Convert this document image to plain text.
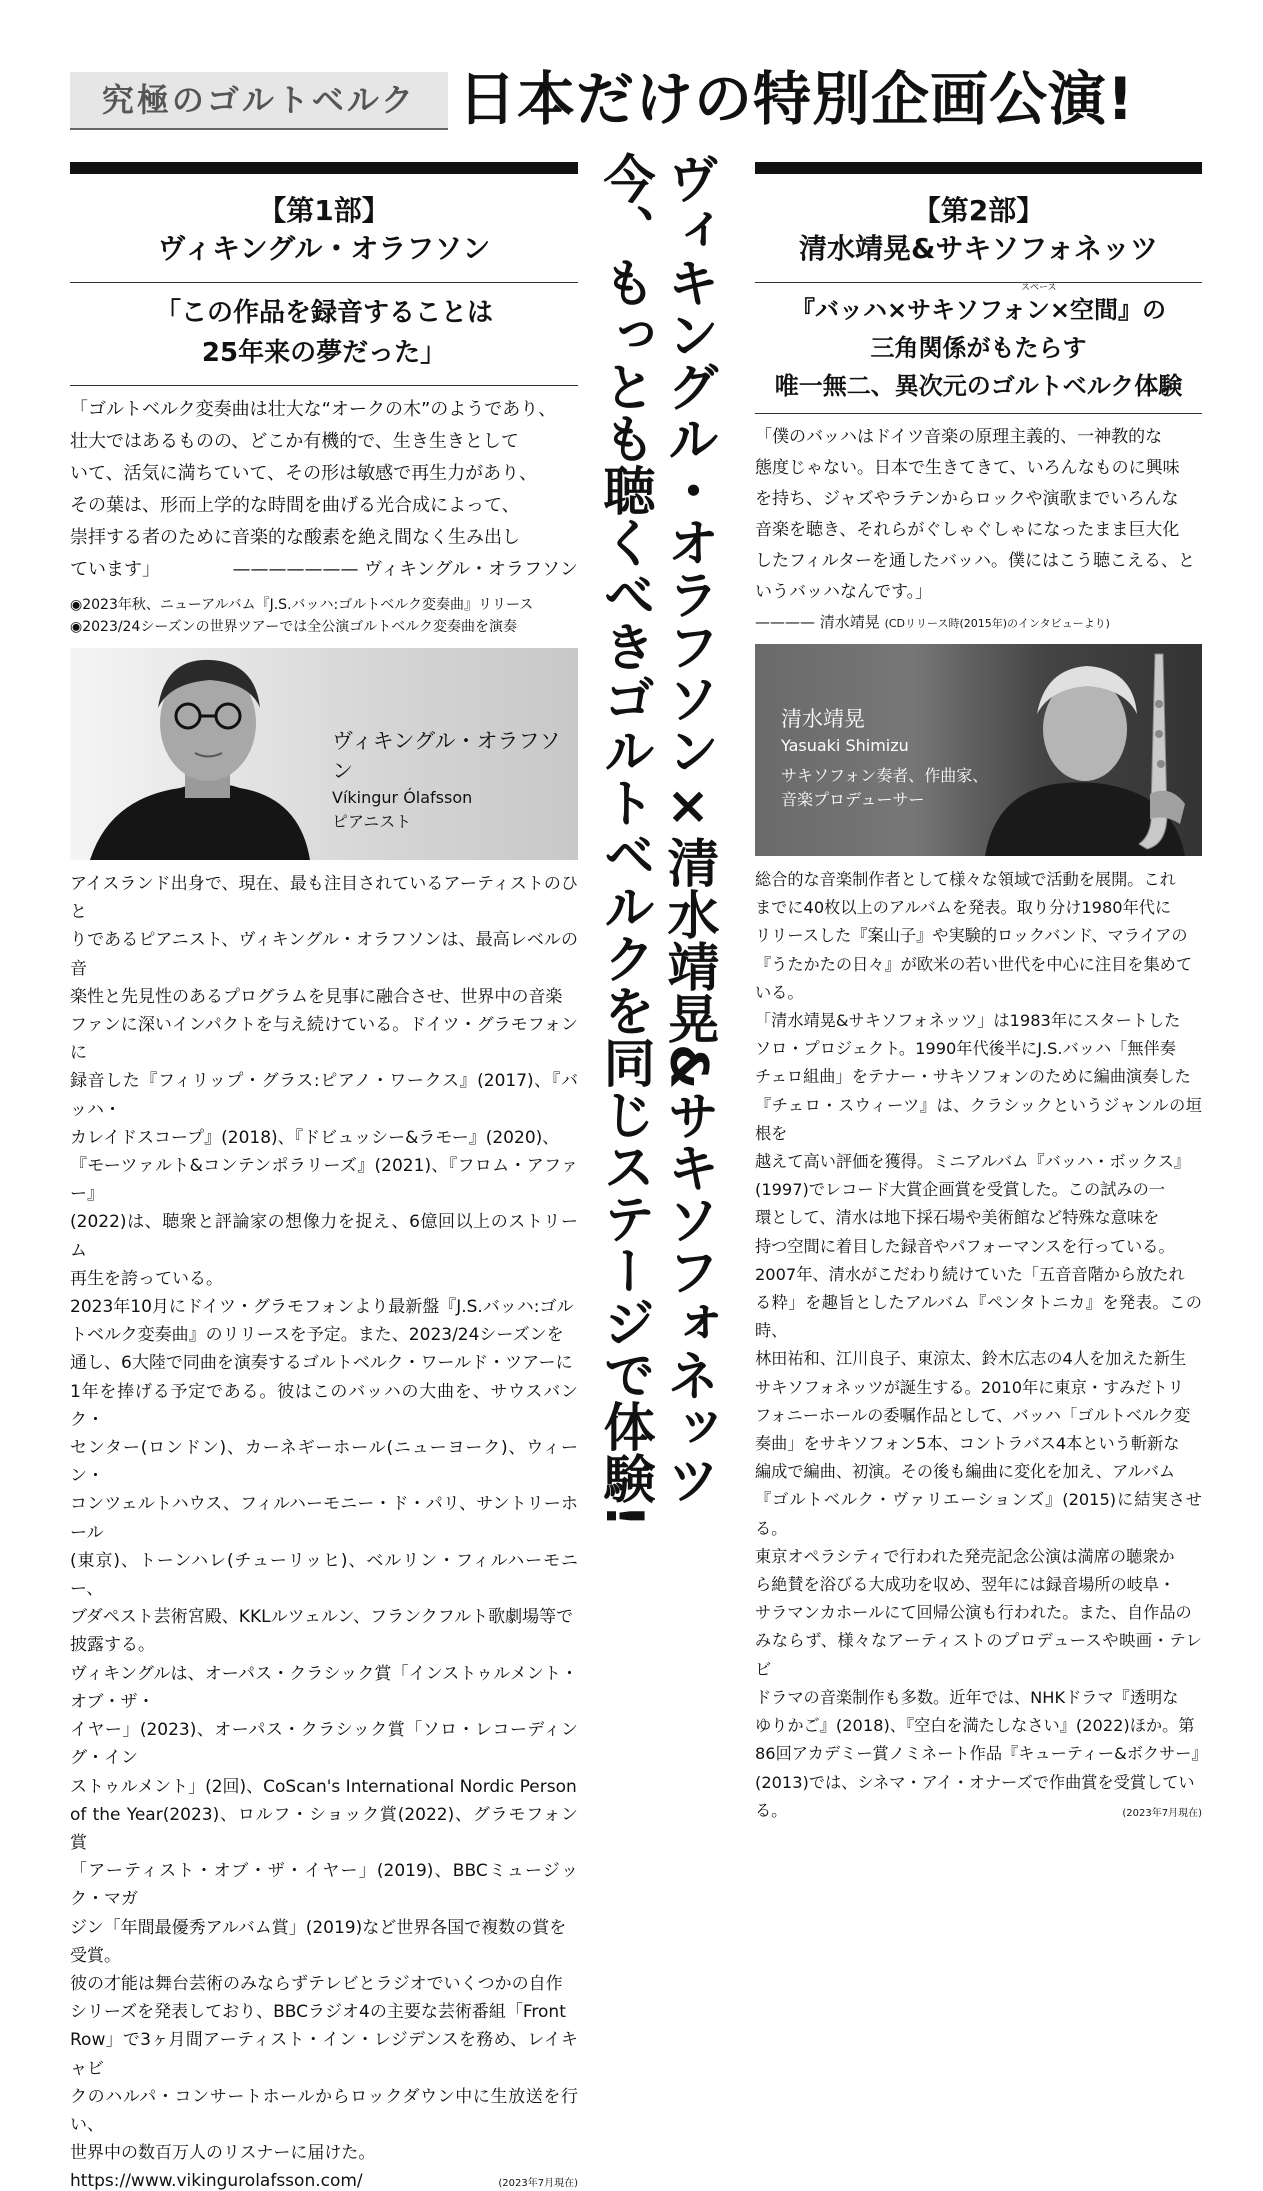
究極のゴルトベルク 日本だけの特別企画公演!
ヴィキングル・オラフソン×清水靖晃&サキソフォネッツ
今、もっとも聴くべきゴルトベルクを同じステージで体験!
【第1部】
ヴィキングル・オラフソン
「この作品を録音することは
25年来の夢だった」
「ゴルトベルク変奏曲は壮大な“オークの木”のようであり、
壮大ではあるものの、どこか有機的で、生き生きとして
いて、活気に満ちていて、その形は敏感で再生力があり、
その葉は、形而上学的な時間を曲げる光合成によって、
崇拝する者のために音楽的な酸素を絶え間なく生み出し
ています」	——————— ヴィキングル・オラフソン
◉2023年秋、ニューアルバム『J.S.バッハ:ゴルトベルク変奏曲』リリース
◉2023/24シーズンの世界ツアーでは全公演ゴルトベルク変奏曲を演奏
ヴィキングル・オラフソン
Víkingur Ólafsson
ピアニスト
アイスランド出身で、現在、最も注目されているアーティストのひと
りであるピアニスト、ヴィキングル・オラフソンは、最高レベルの音
楽性と先見性のあるプログラムを見事に融合させ、世界中の音楽
ファンに深いインパクトを与え続けている。ドイツ・グラモフォンに
録音した『フィリップ・グラス:ピアノ・ワークス』(2017)、『バッハ・
カレイドスコープ』(2018)、『ドビュッシー&ラモー』(2020)、
『モーツァルト&コンテンポラリーズ』(2021)、『フロム・アファー』
(2022)は、聴衆と評論家の想像力を捉え、6億回以上のストリーム
再生を誇っている。
2023年10月にドイツ・グラモフォンより最新盤『J.S.バッハ:ゴル
トベルク変奏曲』のリリースを予定。また、2023/24シーズンを
通し、6大陸で同曲を演奏するゴルトベルク・ワールド・ツアーに
1年を捧げる予定である。彼はこのバッハの大曲を、サウスバンク・
センター(ロンドン)、カーネギーホール(ニューヨーク)、ウィーン・
コンツェルトハウス、フィルハーモニー・ド・パリ、サントリーホール
(東京)、トーンハレ(チューリッヒ)、ベルリン・フィルハーモニー、
ブダペスト芸術宮殿、KKLルツェルン、フランクフルト歌劇場等で
披露する。
ヴィキングルは、オーパス・クラシック賞「インストゥルメント・オブ・ザ・
イヤー」(2023)、オーパス・クラシック賞「ソロ・レコーディング・イン
ストゥルメント」(2回)、CoScan's International Nordic Person
of the Year(2023)、ロルフ・ショック賞(2022)、グラモフォン賞
「アーティスト・オブ・ザ・イヤー」(2019)、BBCミュージック・マガ
ジン「年間最優秀アルバム賞」(2019)など世界各国で複数の賞を
受賞。
彼の才能は舞台芸術のみならずテレビとラジオでいくつかの自作
シリーズを発表しており、BBCラジオ4の主要な芸術番組「Front
Row」で3ヶ月間アーティスト・イン・レジデンスを務め、レイキャビ
クのハルパ・コンサートホールからロックダウン中に生放送を行い、
世界中の数百万人のリスナーに届けた。
https://www.vikingurolafsson.com/	(2023年7月現在)
【第2部】
清水靖晃&サキソフォネッツ
スペース
『バッハ×サキソフォン×空間』の
三角関係がもたらす
唯一無二、異次元のゴルトベルク体験
「僕のバッハはドイツ音楽の原理主義的、一神教的な
態度じゃない。日本で生きてきて、いろんなものに興味
を持ち、ジャズやラテンからロックや演歌までいろんな
音楽を聴き、それらがぐしゃぐしゃになったまま巨大化
したフィルターを通したバッハ。僕にはこう聴こえる、と
いうバッハなんです。」
———— 清水靖晃 (CDリリース時(2015年)のインタビューより)
清水靖晃
Yasuaki Shimizu
サキソフォン奏者、作曲家、
音楽プロデューサー
総合的な音楽制作者として様々な領域で活動を展開。これ
までに40枚以上のアルバムを発表。取り分け1980年代に
リリースした『案山子』や実験的ロックバンド、マライアの
『うたかたの日々』が欧米の若い世代を中心に注目を集めて
いる。
「清水靖晃&サキソフォネッツ」は1983年にスタートした
ソロ・プロジェクト。1990年代後半にJ.S.バッハ「無伴奏
チェロ組曲」をテナー・サキソフォンのために編曲演奏した
『チェロ・スウィーツ』は、クラシックというジャンルの垣根を
越えて高い評価を獲得。ミニアルバム『バッハ・ボックス』
(1997)でレコード大賞企画賞を受賞した。この試みの一
環として、清水は地下採石場や美術館など特殊な意味を
持つ空間に着目した録音やパフォーマンスを行っている。
2007年、清水がこだわり続けていた「五音音階から放たれ
る粋」を趣旨としたアルバム『ペンタトニカ』を発表。この時、
林田祐和、江川良子、東涼太、鈴木広志の4人を加えた新生
サキソフォネッツが誕生する。2010年に東京・すみだトリ
フォニーホールの委嘱作品として、バッハ「ゴルトベルク変
奏曲」をサキソフォン5本、コントラバス4本という斬新な
編成で編曲、初演。その後も編曲に変化を加え、アルバム
『ゴルトベルク・ヴァリエーションズ』(2015)に結実させる。
東京オペラシティで行われた発売記念公演は満席の聴衆か
ら絶賛を浴びる大成功を収め、翌年には録音場所の岐阜・
サラマンカホールにて回帰公演も行われた。また、自作品の
みならず、様々なアーティストのプロデュースや映画・テレビ
ドラマの音楽制作も多数。近年では、NHKドラマ『透明な
ゆりかご』(2018)、『空白を満たしなさい』(2022)ほか。第
86回アカデミー賞ノミネート作品『キューティー&ボクサー』
(2013)では、シネマ・アイ・オナーズで作曲賞を受賞してい
る。	(2023年7月現在)
